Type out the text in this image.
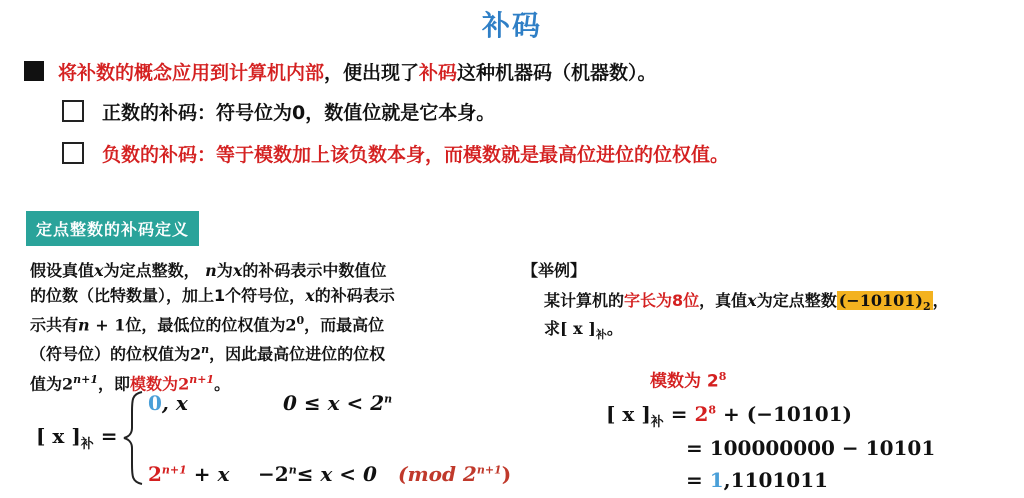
补码
将补数的概念应用到计算机内部，便出现了补码这种机器码（机器数）。
正数的补码：符号位为0，数值位就是它本身。
负数的补码：等于模数加上该负数本身，而模数就是最高位进位的位权值。
定点整数的补码定义
假设真值x为定点整数， n为x的补码表示中数值位
的位数（比特数量），加上1个符号位，x的补码表示
示共有n + 1位，最低位的位权值为$2^0$，而最高位
（符号位）的位权值为2$^n$，因此最高位进位的位权
值为$2^{n+1}$，即模数为$2^{n+1}$。
[ x ]$_补$ =
0, x	$0 \le x < 2^n$
$2^{n+1} + x -2^n\le x < 0$ (mod $2^{n+1}$)
【举例】
某计算机的字长为8位，真值x为定点整数 $(-10101)_2$ ，
求[ x ]$_补$。
模数为 $2^8$
[ x ]$_补 = 2^8 + (-10101)$
= 100000000 − 10101
= 1,1101011
